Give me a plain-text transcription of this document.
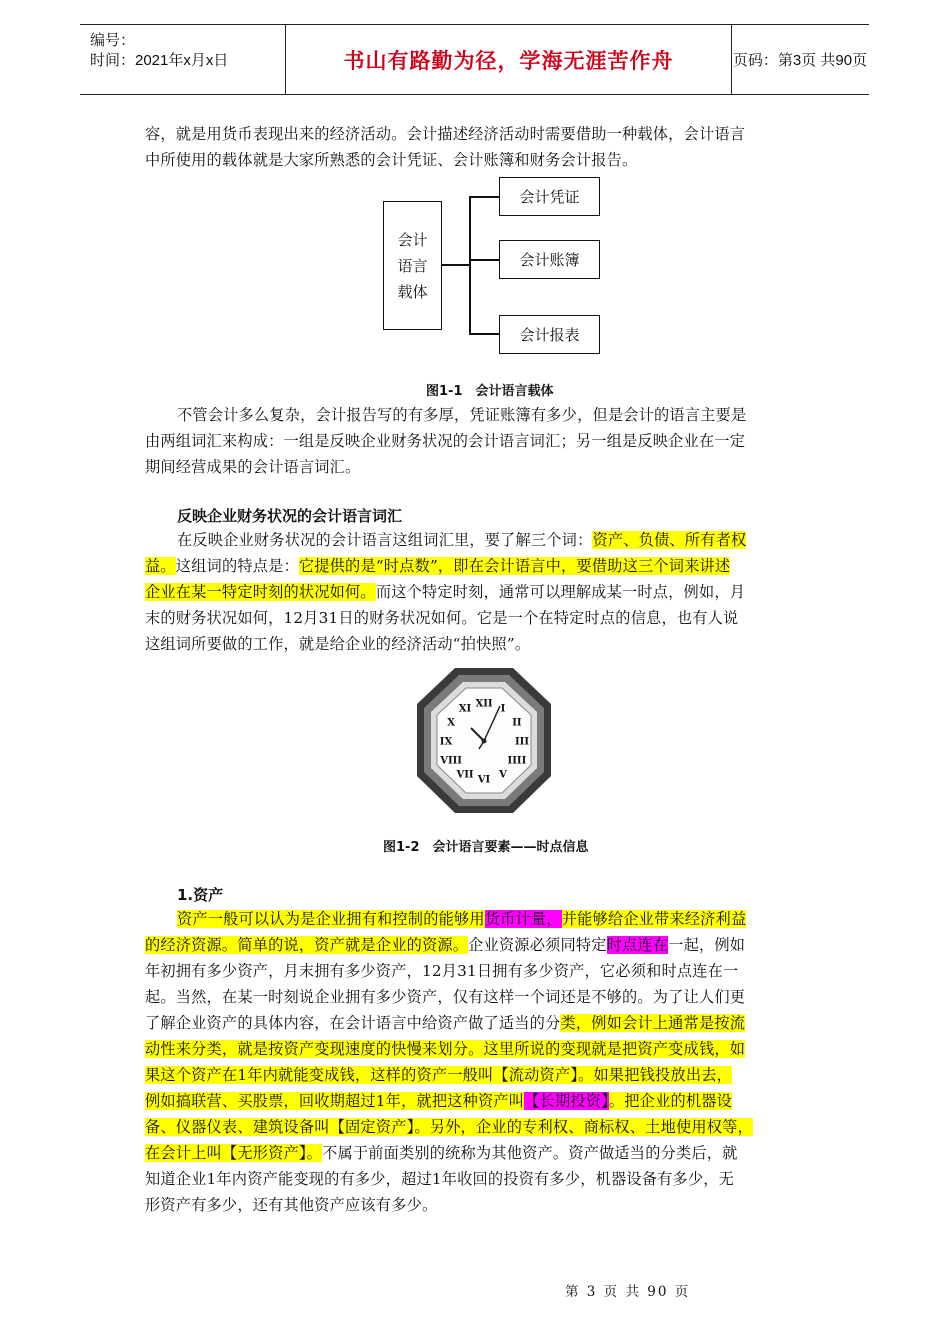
编号：
时间：2021年x月x日	书山有路勤为径，学海无涯苦作舟	页码：第3页 共90页
容，就是用货币表现出来的经济活动。会计描述经济活动时需要借助一种载体，会计语言
中所使用的载体就是大家所熟悉的会计凭证、会计账簿和财务会计报告。
会计
语言
载体
会计凭证
会计账簿
会计报表
图1-1　会计语言载体
不管会计多么复杂，会计报告写的有多厚，凭证账簿有多少，但是会计的语言主要是
由两组词汇来构成：一组是反映企业财务状况的会计语言词汇；另一组是反映企业在一定
期间经营成果的会计语言词汇。
反映企业财务状况的会计语言词汇
在反映企业财务状况的会计语言这组词汇里，要了解三个词：资产、负债、所有者权
益。这组词的特点是：它提供的是“时点数”，即在会计语言中，要借助这三个词来讲述
企业在某一特定时刻的状况如何。而这个特定时刻，通常可以理解成某一时点，例如，月
末的财务状况如何，12月31日的财务状况如何。它是一个在特定时点的信息，也有人说
这组词所要做的工作，就是给企业的经济活动“拍快照”。
XII I
II
III
IIII
V
VI
VII
VIII
IX
X
XI
图1-2　会计语言要素——时点信息
1.资产
资产一般可以认为是企业拥有和控制的能够用货币计量，并能够给企业带来经济利益
的经济资源。简单的说，资产就是企业的资源。企业资源必须同特定时点连在一起，例如
年初拥有多少资产，月末拥有多少资产，12月31日拥有多少资产，它必须和时点连在一
起。当然，在某一时刻说企业拥有多少资产，仅有这样一个词还是不够的。为了让人们更
了解企业资产的具体内容，在会计语言中给资产做了适当的分类，例如会计上通常是按流
动性来分类，就是按资产变现速度的快慢来划分。这里所说的变现就是把资产变成钱，如
果这个资产在1年内就能变成钱，这样的资产一般叫【流动资产】。如果把钱投放出去，
例如搞联营、买股票，回收期超过1年，就把这种资产叫【长期投资】。把企业的机器设
备、仪器仪表、建筑设备叫【固定资产】。另外，企业的专利权、商标权、土地使用权等，
在会计上叫【无形资产】。不属于前面类别的统称为其他资产。资产做适当的分类后，就
知道企业1年内资产能变现的有多少，超过1年收回的投资有多少，机器设备有多少，无
形资产有多少，还有其他资产应该有多少。
第 3 页 共 90 页
